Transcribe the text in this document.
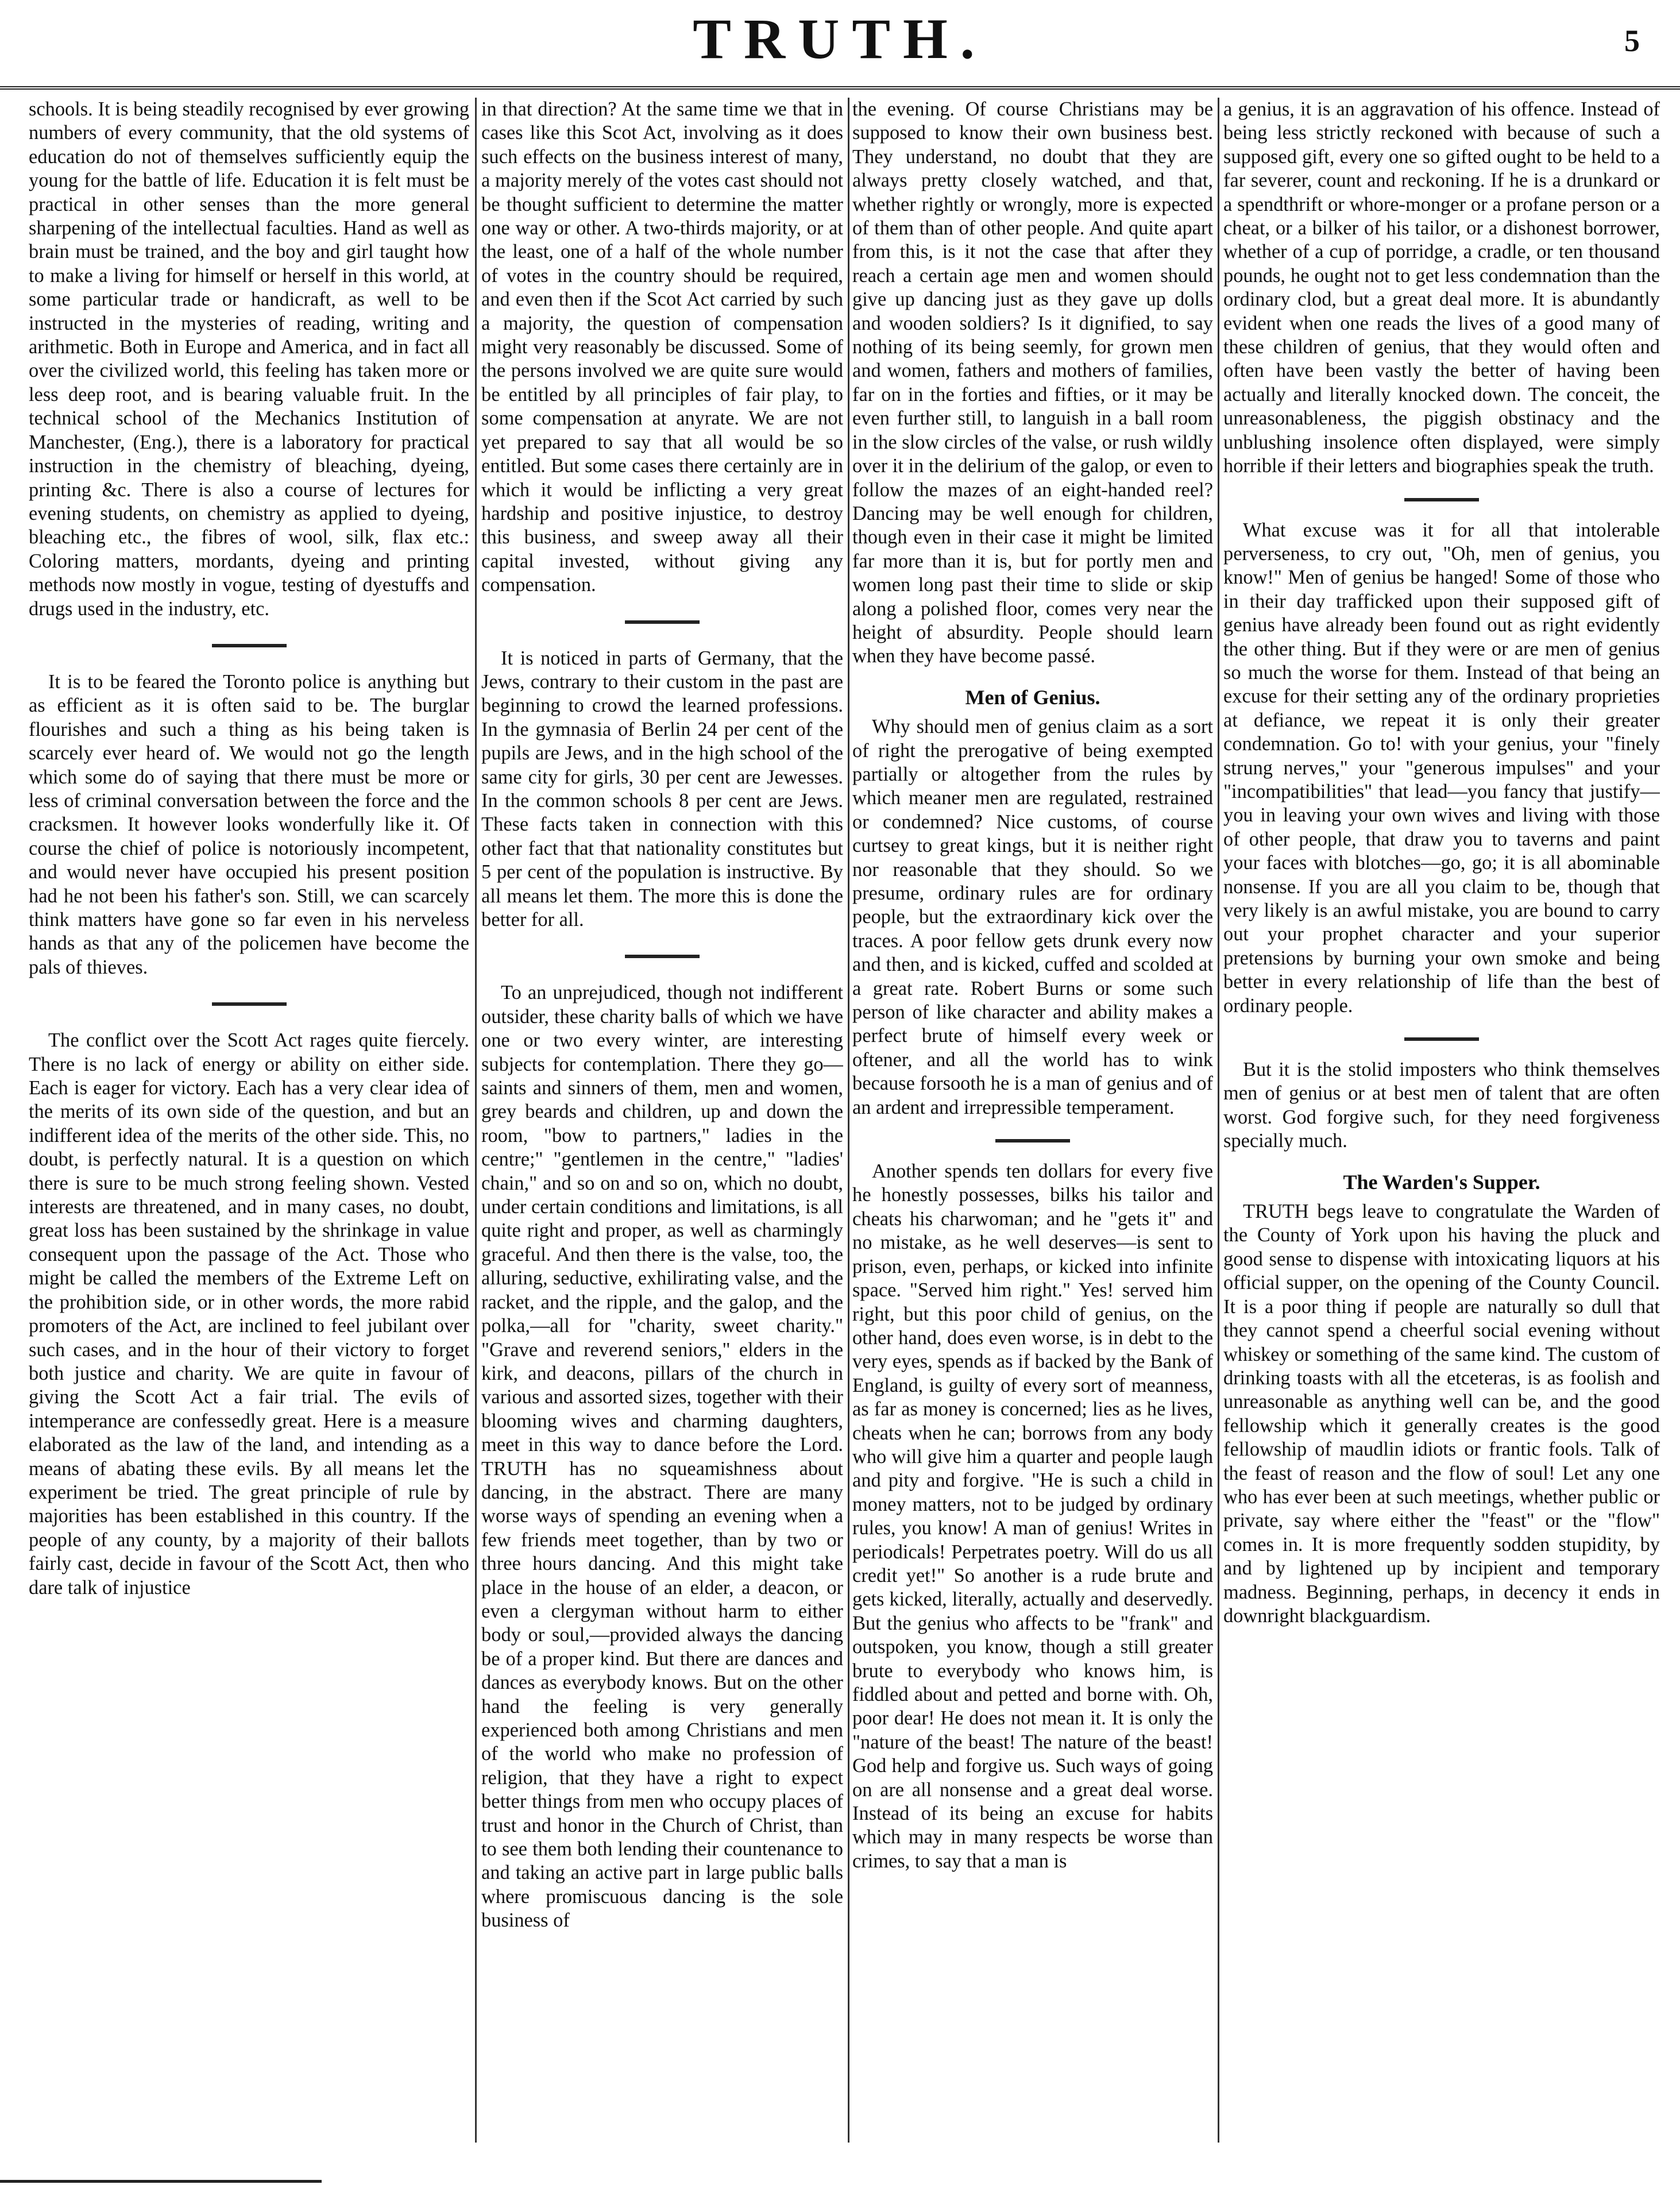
TRUTH.	5

schools. It is being steadily recognised by ever growing numbers of every community, that the old systems of education do not of themselves sufficiently equip the young for the battle of life. Education it is felt must be practical in other senses than the more general sharpening of the intellectual faculties. Hand as well as brain must be trained, and the boy and girl taught how to make a living for himself or herself in this world, at some particular trade or handicraft, as well to be instructed in the mysteries of reading, writing and arithmetic. Both in Europe and America, and in fact all over the civilized world, this feeling has taken more or less deep root, and is bearing valuable fruit. In the technical school of the Mechanics Institution of Manchester, (Eng.), there is a laboratory for practical instruction in the chemistry of bleaching, dyeing, printing &c. There is also a course of lectures for evening students, on chemistry as applied to dyeing, bleaching etc., the fibres of wool, silk, flax etc.: Coloring matters, mordants, dyeing and printing methods now mostly in vogue, testing of dyestuffs and drugs used in the industry, etc.

It is to be feared the Toronto police is anything but as efficient as it is often said to be. The burglar flourishes and such a thing as his being taken is scarcely ever heard of. We would not go the length which some do of saying that there must be more or less of criminal conversation between the force and the cracksmen. It however looks wonderfully like it. Of course the chief of police is notoriously incompetent, and would never have occupied his present position had he not been his father's son. Still, we can scarcely think matters have gone so far even in his nerveless hands as that any of the policemen have become the pals of thieves.

The conflict over the Scott Act rages quite fiercely. There is no lack of energy or ability on either side. Each is eager for victory. Each has a very clear idea of the merits of its own side of the question, and but an indifferent idea of the merits of the other side. This, no doubt, is perfectly natural. It is a question on which there is sure to be much strong feeling shown. Vested interests are threatened, and in many cases, no doubt, great loss has been sustained by the shrinkage in value consequent upon the passage of the Act. Those who might be called the members of the Extreme Left on the prohibition side, or in other words, the more rabid promoters of the Act, are inclined to feel jubilant over such cases, and in the hour of their victory to forget both justice and charity. We are quite in favour of giving the Scott Act a fair trial. The evils of intemperance are confessedly great. Here is a measure elaborated as the law of the land, and intending as a means of abating these evils. By all means let the experiment be tried. The great principle of rule by majorities has been established in this country. If the people of any county, by a majority of their ballots fairly cast, decide in favour of the Scott Act, then who dare talk of injustice

in that direction? At the same time we that in cases like this Scot Act, involving as it does such effects on the business interest of many, a majority merely of the votes cast should not be thought sufficient to determine the matter one way or other. A two-thirds majority, or at the least, one of a half of the whole number of votes in the country should be required, and even then if the Scot Act carried by such a majority, the question of compensation might very reasonably be discussed. Some of the persons involved we are quite sure would be entitled by all principles of fair play, to some compensation at anyrate. We are not yet prepared to say that all would be so entitled. But some cases there certainly are in which it would be inflicting a very great hardship and positive injustice, to destroy this business, and sweep away all their capital invested, without giving any compensation.

It is noticed in parts of Germany, that the Jews, contrary to their custom in the past are beginning to crowd the learned professions. In the gymnasia of Berlin 24 per cent of the pupils are Jews, and in the high school of the same city for girls, 30 per cent are Jewesses. In the common schools 8 per cent are Jews. These facts taken in connection with this other fact that that nationality constitutes but 5 per cent of the population is instructive. By all means let them. The more this is done the better for all.

To an unprejudiced, though not indifferent outsider, these charity balls of which we have one or two every winter, are interesting subjects for contemplation. There they go—saints and sinners of them, men and women, grey beards and children, up and down the room, "bow to partners," ladies in the centre;" "gentlemen in the centre," "ladies' chain," and so on and so on, which no doubt, under certain conditions and limitations, is all quite right and proper, as well as charmingly graceful. And then there is the valse, too, the alluring, seductive, exhilirating valse, and the racket, and the ripple, and the galop, and the polka,—all for "charity, sweet charity." "Grave and reverend seniors," elders in the kirk, and deacons, pillars of the church in various and assorted sizes, together with their blooming wives and charming daughters, meet in this way to dance before the Lord. TRUTH has no squeamishness about dancing, in the abstract. There are many worse ways of spending an evening when a few friends meet together, than by two or three hours dancing. And this might take place in the house of an elder, a deacon, or even a clergyman without harm to either body or soul,—provided always the dancing be of a proper kind. But there are dances and dances as everybody knows. But on the other hand the feeling is very generally experienced both among Christians and men of the world who make no profession of religion, that they have a right to expect better things from men who occupy places of trust and honor in the Church of Christ, than to see them both lending their countenance to and taking an active part in large public balls where promiscuous dancing is the sole business of

the evening. Of course Christians may be supposed to know their own business best. They understand, no doubt that they are always pretty closely watched, and that, whether rightly or wrongly, more is expected of them than of other people. And quite apart from this, is it not the case that after they reach a certain age men and women should give up dancing just as they gave up dolls and wooden soldiers? Is it dignified, to say nothing of its being seemly, for grown men and women, fathers and mothers of families, far on in the forties and fifties, or it may be even further still, to languish in a ball room in the slow circles of the valse, or rush wildly over it in the delirium of the galop, or even to follow the mazes of an eight-handed reel? Dancing may be well enough for children, though even in their case it might be limited far more than it is, but for portly men and women long past their time to slide or skip along a polished floor, comes very near the height of absurdity. People should learn when they have become passé.

Men of Genius.

Why should men of genius claim as a sort of right the prerogative of being exempted partially or altogether from the rules by which meaner men are regulated, restrained or condemned? Nice customs, of course curtsey to great kings, but it is neither right nor reasonable that they should. So we presume, ordinary rules are for ordinary people, but the extraordinary kick over the traces. A poor fellow gets drunk every now and then, and is kicked, cuffed and scolded at a great rate. Robert Burns or some such person of like character and ability makes a perfect brute of himself every week or oftener, and all the world has to wink because forsooth he is a man of genius and of an ardent and irrepressible temperament.

Another spends ten dollars for every five he honestly possesses, bilks his tailor and cheats his charwoman; and he "gets it" and no mistake, as he well deserves—is sent to prison, even, perhaps, or kicked into infinite space. "Served him right." Yes! served him right, but this poor child of genius, on the other hand, does even worse, is in debt to the very eyes, spends as if backed by the Bank of England, is guilty of every sort of meanness, as far as money is concerned; lies as he lives, cheats when he can; borrows from any body who will give him a quarter and people laugh and pity and forgive. "He is such a child in money matters, not to be judged by ordinary rules, you know! A man of genius! Writes in periodicals! Perpetrates poetry. Will do us all credit yet!" So another is a rude brute and gets kicked, literally, actually and deservedly. But the genius who affects to be "frank" and outspoken, you know, though a still greater brute to everybody who knows him, is fiddled about and petted and borne with. Oh, poor dear! He does not mean it. It is only the "nature of the beast! The nature of the beast! God help and forgive us. Such ways of going on are all nonsense and a great deal worse. Instead of its being an excuse for habits which may in many respects be worse than crimes, to say that a man is

a genius, it is an aggravation of his offence. Instead of being less strictly reckoned with because of such a supposed gift, every one so gifted ought to be held to a far severer, count and reckoning. If he is a drunkard or a spendthrift or whore-monger or a profane person or a cheat, or a bilker of his tailor, or a dishonest borrower, whether of a cup of porridge, a cradle, or ten thousand pounds, he ought not to get less condemnation than the ordinary clod, but a great deal more. It is abundantly evident when one reads the lives of a good many of these children of genius, that they would often and often have been vastly the better of having been actually and literally knocked down. The conceit, the unreasonableness, the piggish obstinacy and the unblushing insolence often displayed, were simply horrible if their letters and biographies speak the truth.

What excuse was it for all that intolerable perverseness, to cry out, "Oh, men of genius, you know!" Men of genius be hanged! Some of those who in their day trafficked upon their supposed gift of genius have already been found out as right evidently the other thing. But if they were or are men of genius so much the worse for them. Instead of that being an excuse for their setting any of the ordinary proprieties at defiance, we repeat it is only their greater condemnation. Go to! with your genius, your "finely strung nerves," your "generous impulses" and your "incompatibilities" that lead—you fancy that justify—you in leaving your own wives and living with those of other people, that draw you to taverns and paint your faces with blotches—go, go; it is all abominable nonsense. If you are all you claim to be, though that very likely is an awful mistake, you are bound to carry out your prophet character and your superior pretensions by burning your own smoke and being better in every relationship of life than the best of ordinary people.

But it is the stolid imposters who think themselves men of genius or at best men of talent that are often worst. God forgive such, for they need forgiveness specially much.

The Warden's Supper.

TRUTH begs leave to congratulate the Warden of the County of York upon his having the pluck and good sense to dispense with intoxicating liquors at his official supper, on the opening of the County Council. It is a poor thing if people are naturally so dull that they cannot spend a cheerful social evening without whiskey or something of the same kind. The custom of drinking toasts with all the etceteras, is as foolish and unreasonable as anything well can be, and the good fellowship which it generally creates is the good fellowship of maudlin idiots or frantic fools. Talk of the feast of reason and the flow of soul! Let any one who has ever been at such meetings, whether public or private, say where either the "feast" or the "flow" comes in. It is more frequently sodden stupidity, by and by lightened up by incipient and temporary madness. Beginning, perhaps, in decency it ends in downright blackguardism.
